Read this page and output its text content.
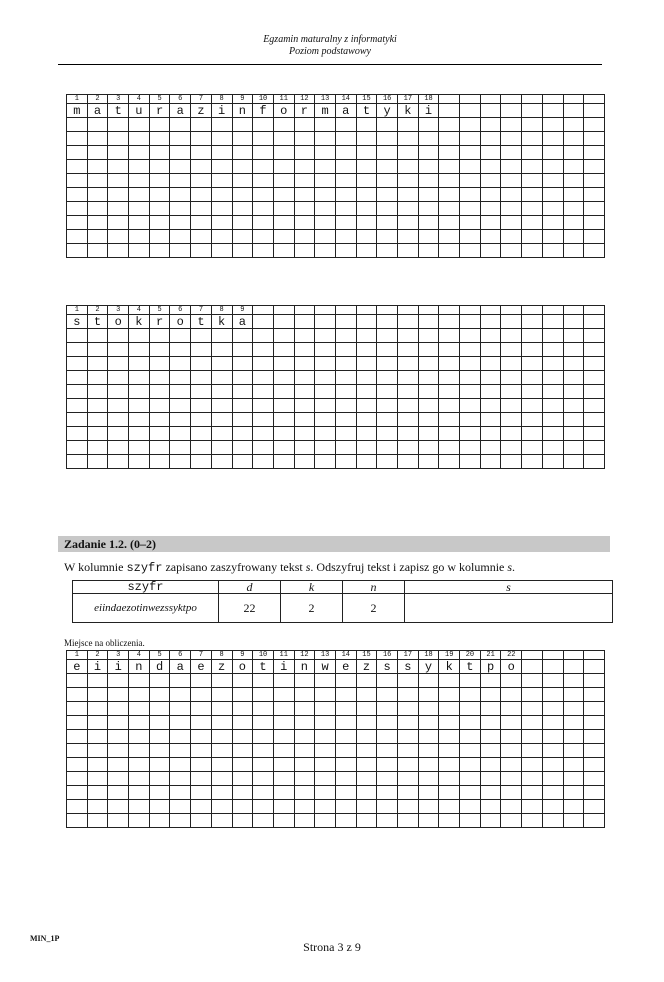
Egzamin maturalny z informatyki
Poziom podstawowy
1	2	3	4	5	6	7	8	9	10	11	12	13	14	15	16	17	18								
m	a	t	u	r	a	z	i	n	f	o	r	m	a	t	y	k	i								

1	2	3	4	5	6	7	8	9																	
s	t	o	k	r	o	t	k	a																	

Zadanie 1.2. (0–2)
W kolumnie szyfr zapisano zaszyfrowany tekst s. Odszyfruj tekst i zapisz go w kolumnie s.
szyfr	d	k	n	s
eiindaezotinwezssyktpo	22	2	2	
Miejsce na obliczenia.
1	2	3	4	5	6	7	8	9	10	11	12	13	14	15	16	17	18	19	20	21	22				
e	i	i	n	d	a	e	z	o	t	i	n	w	e	z	s	s	y	k	t	p	o				

MIN_1P
Strona 3 z 9
